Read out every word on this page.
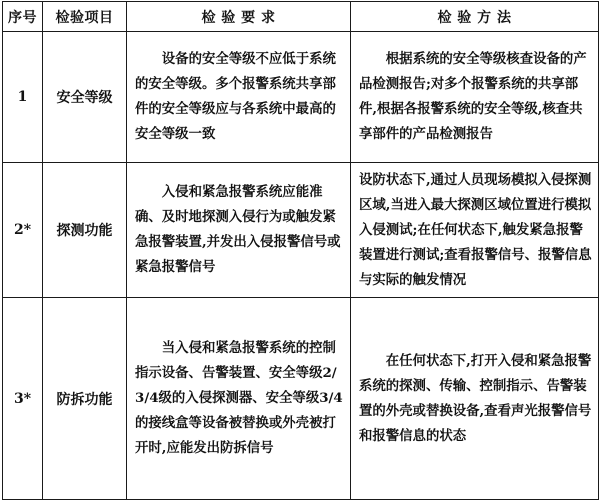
序号	检验项目	检 验 要 求	检 验 方 法
1	安全等级	设备的安全等级不应低于系统的安全等级。多个报警系统共享部件的安全等级应与各系统中最高的安全等级一致	根据系统的安全等级核查设备的产品检测报告;对多个报警系统的共享部件,根据各报警系统的安全等级,核查共享部件的产品检测报告

2*	探测功能	入侵和紧急报警系统应能准确、及时地探测入侵行为或触发紧急报警装置,并发出入侵报警信号或紧急报警信号	设防状态下,通过人员现场模拟入侵探测区域,当进入最大探测区域位置进行模拟入侵测试;在任何状态下,触发紧急报警装置进行测试;查看报警信号、报警信息与实际的触发情况

3*	防拆功能	当入侵和紧急报警系统的控制指示设备、告警装置、安全等级2/3/4级的入侵探测器、安全等级3/4的接线盒等设备被替换或外壳被打开时,应能发出防拆信号	在任何状态下,打开入侵和紧急报警系统的探测、传输、控制指示、告警装置的外壳或替换设备,查看声光报警信号和报警信息的状态
